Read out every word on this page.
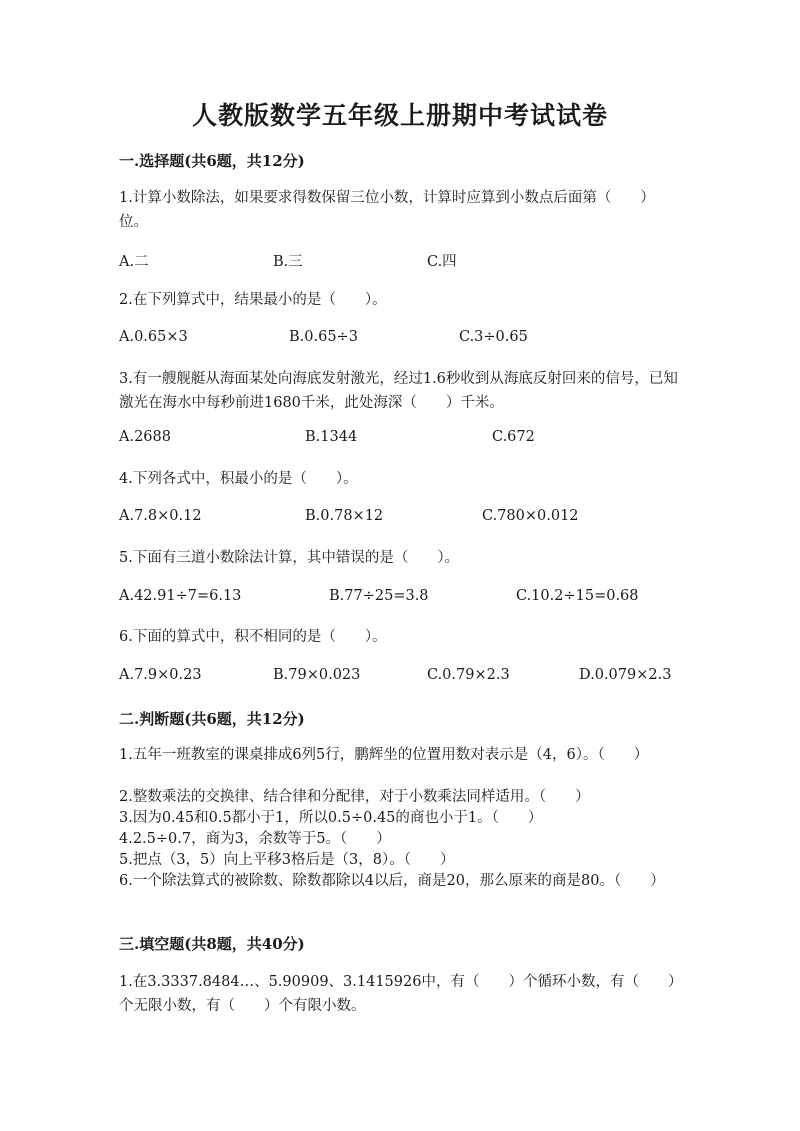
人教版数学五年级上册期中考试试卷
一.选择题(共6题，共12分)
1.计算小数除法，如果要求得数保留三位小数，计算时应算到小数点后面第（　　）位。
A.二	B.三	C.四
2.在下列算式中，结果最小的是（　　）。
A.0.65×3	B.0.65÷3	C.3÷0.65
3.有一艘舰艇从海面某处向海底发射激光，经过1.6秒收到从海底反射回来的信号，已知激光在海水中每秒前进1680千米，此处海深（　　）千米。
A.2688	B.1344	C.672
4.下列各式中，积最小的是（　　）。
A.7.8×0.12	B.0.78×12	C.780×0.012
5.下面有三道小数除法计算，其中错误的是（　　）。
A.42.91÷7=6.13	B.77÷25=3.8	C.10.2÷15=0.68
6.下面的算式中，积不相同的是（　　）。
A.7.9×0.23	B.79×0.023	C.0.79×2.3	D.0.079×2.3
二.判断题(共6题，共12分)
1.五年一班教室的课桌排成6列5行，鹏辉坐的位置用数对表示是（4，6）。（　　）
2.整数乘法的交换律、结合律和分配律，对于小数乘法同样适用。（　　）
3.因为0.45和0.5都小于1，所以0.5÷0.45的商也小于1。（　　）
4.2.5÷0.7，商为3，余数等于5。（　　）
5.把点（3，5）向上平移3格后是（3，8）。（　　）
6.一个除法算式的被除数、除数都除以4以后，商是20，那么原来的商是80。（　　）
三.填空题(共8题，共40分)
1.在3.3337.8484…、5.90909、3.1415926中，有（　　）个循环小数，有（　　）个无限小数，有（　　）个有限小数。
